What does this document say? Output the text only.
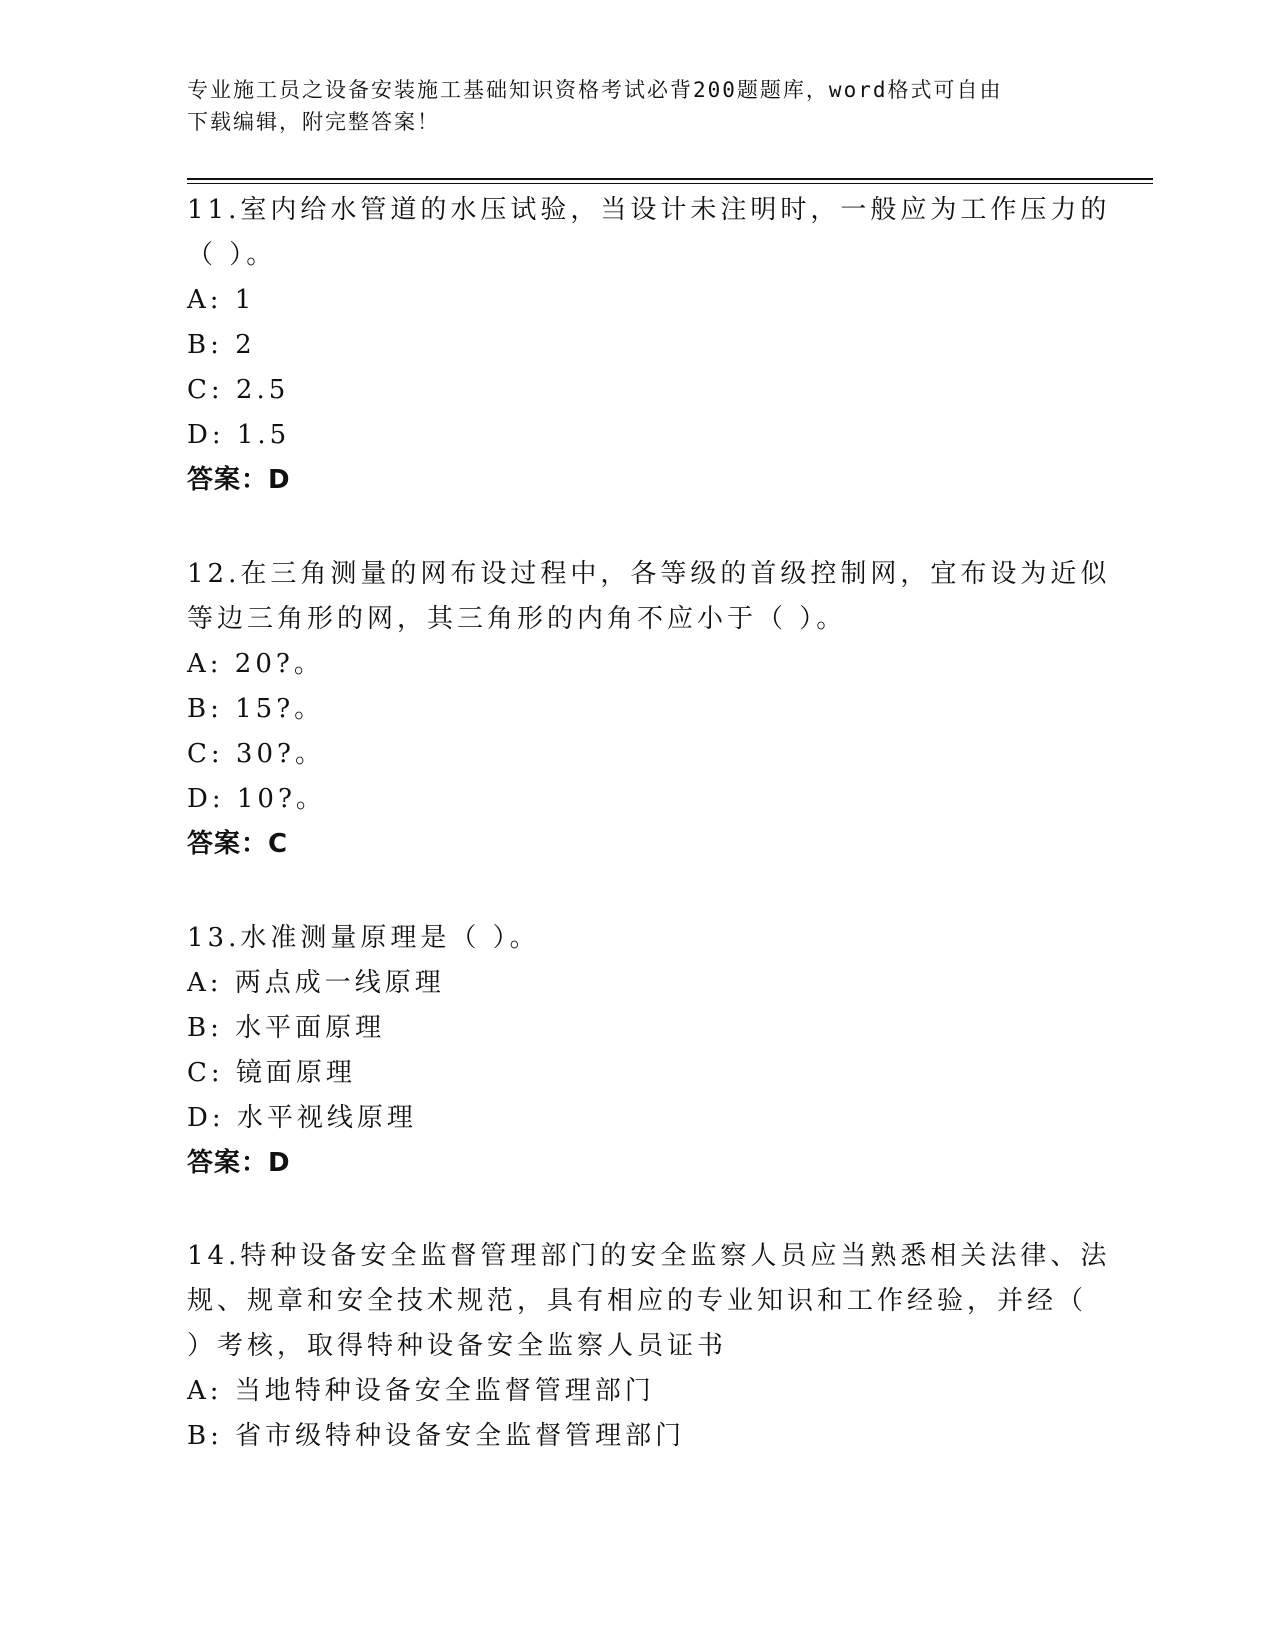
专业施工员之设备安装施工基础知识资格考试必背200题题库，word格式可自由
下载编辑，附完整答案！
11.室内给水管道的水压试验，当设计未注明时，一般应为工作压力的
（ ）。
A: 1
B: 2
C: 2.5
D: 1.5
答案：D
12.在三角测量的网布设过程中，各等级的首级控制网，宜布设为近似
等边三角形的网，其三角形的内角不应小于（ ）。
A: 20?。
B: 15?。
C: 30?。
D: 10?。
答案：C
13.水准测量原理是（ ）。
A: 两点成一线原理
B: 水平面原理
C: 镜面原理
D: 水平视线原理
答案：D
14.特种设备安全监督管理部门的安全监察人员应当熟悉相关法律、法
规、规章和安全技术规范，具有相应的专业知识和工作经验，并经（
）考核，取得特种设备安全监察人员证书
A: 当地特种设备安全监督管理部门
B: 省市级特种设备安全监督管理部门
